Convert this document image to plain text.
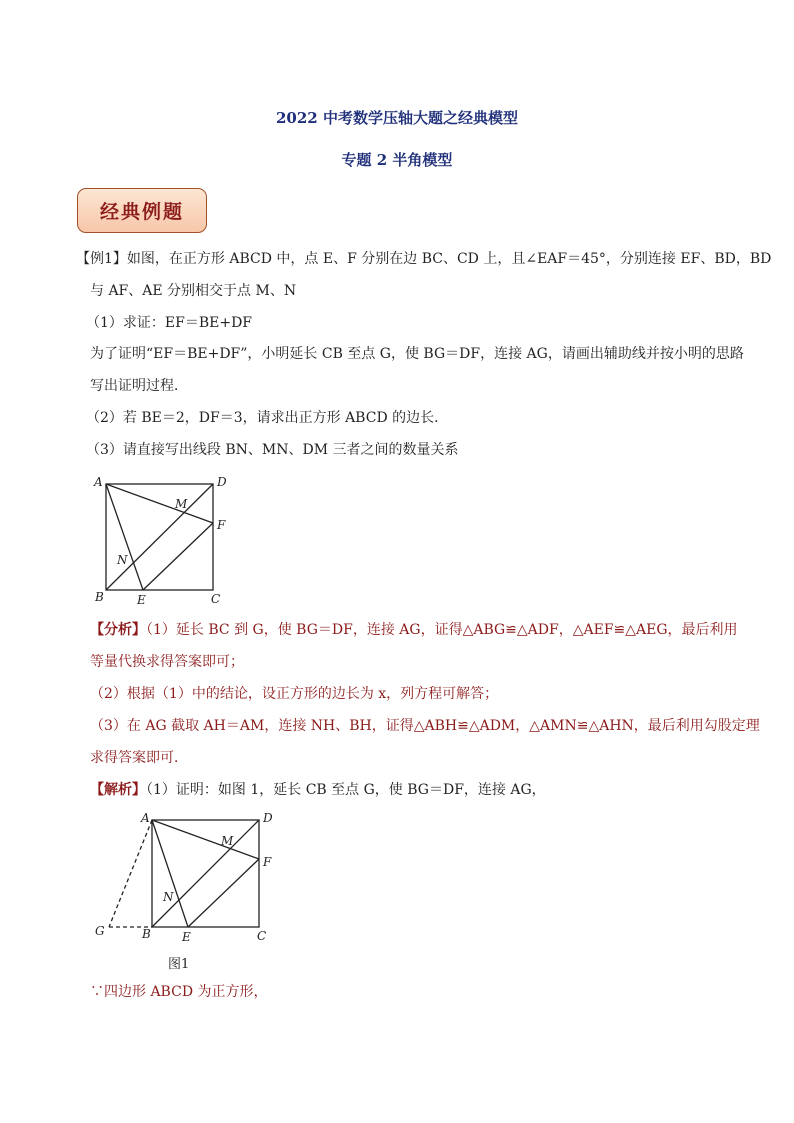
2022 中考数学压轴大题之经典模型
专题 2 半角模型
经典例题
【例1】如图，在正方形 ABCD 中，点 E、F 分别在边 BC、CD 上，且∠EAF＝45°，分别连接 EF、BD，BD
与 AF、AE 分别相交于点 M、N
（1）求证：EF＝BE+DF
为了证明“EF＝BE+DF”，小明延长 CB 至点 G，使 BG＝DF，连接 AG，请画出辅助线并按小明的思路
写出证明过程．
（2）若 BE＝2，DF＝3，请求出正方形 ABCD 的边长．
（3）请直接写出线段 BN、MN、DM 三者之间的数量关系
A	D
B	C
E
F
M
N
【分析】（1）延长 BC 到 G，使 BG＝DF，连接 AG，证得△ABG≌△ADF，△AEF≌△AEG，最后利用
等量代换求得答案即可；
（2）根据（1）中的结论，设正方形的边长为 x，列方程可解答；
（3）在 AG 截取 AH＝AM，连接 NH、BH，证得△ABH≌△ADM，△AMN≌△AHN，最后利用勾股定理
求得答案即可．
【解析】（1）证明：如图 1，延长 CB 至点 G，使 BG＝DF，连接 AG，
A	D
G	B	E	C
F
M
N
图1
∵四边形 ABCD 为正方形，
